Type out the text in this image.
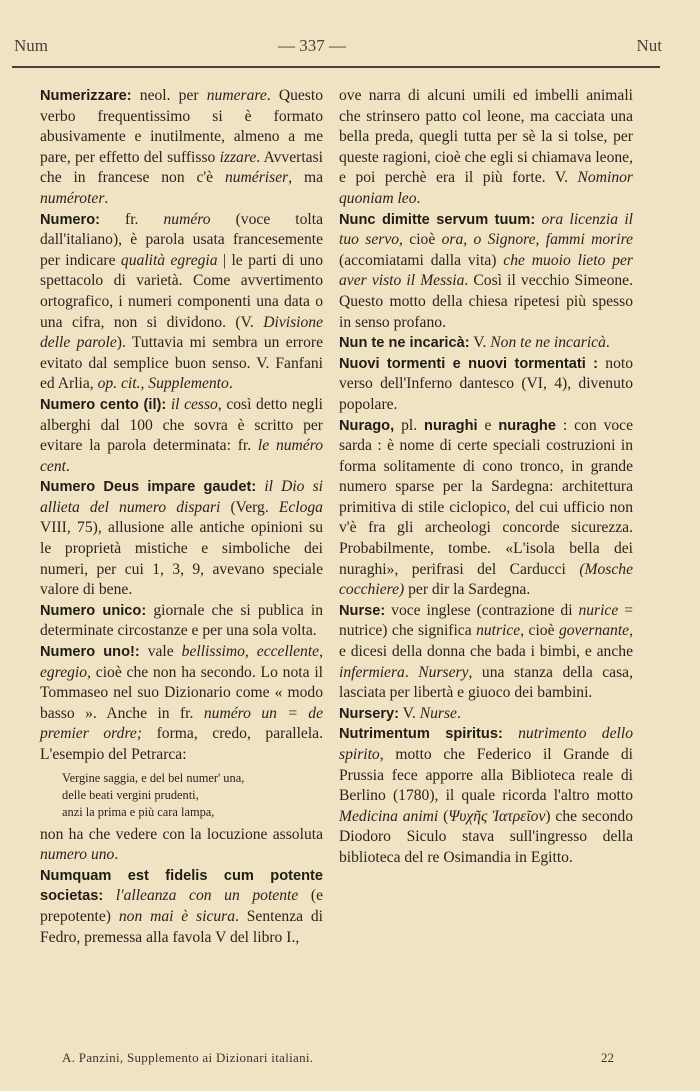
Num	— 337 —	Nut

Numerizzare: neol. per numerare. Questo verbo frequentissimo si è formato abusivamente e inutilmente, almeno a me pare, per effetto del suffisso izzare. Avvertasi che in francese non c'è numériser, ma numéroter.

Numero: fr. numéro (voce tolta dall'italiano), è parola usata francesemente per indicare qualità egregia | le parti di uno spettacolo di varietà. Come avvertimento ortografico, i numeri componenti una data o una cifra, non si dividono. (V. Divisione delle parole). Tuttavia mi sembra un errore evitato dal semplice buon senso. V. Fanfani ed Arlia, op. cit., Supplemento.

Numero cento (il): il cesso, così detto negli alberghi dal 100 che sovra è scritto per evitare la parola determinata: fr. le numéro cent.

Numero Deus impare gaudet: il Dio si allieta del numero dispari (Verg. Ecloga VIII, 75), allusione alle antiche opinioni su le proprietà mistiche e simboliche dei numeri, per cui 1, 3, 9, avevano speciale valore di bene.

Numero unico: giornale che si publica in determinate circostanze e per una sola volta.

Numero uno!: vale bellissimo, eccellente, egregio, cioè che non ha secondo. Lo nota il Tommaseo nel suo Dizionario come « modo basso ». Anche in fr. numéro un = de premier ordre; forma, credo, parallela. L'esempio del Petrarca:

Vergine saggia, e del bel numer' una,
delle beati vergini prudenti,
anzi la prima e più cara lampa,

non ha che vedere con la locuzione assoluta numero uno.

Numquam est fidelis cum potente societas: l'alleanza con un potente (e prepotente) non mai è sicura. Sentenza di Fedro, premessa alla favola V del libro I.,

ove narra di alcuni umili ed imbelli animali che strinsero patto col leone, ma cacciata una bella preda, quegli tutta per sè la si tolse, per queste ragioni, cioè che egli si chiamava leone, e poi perchè era il più forte. V. Nominor quoniam leo.

Nunc dimitte servum tuum: ora licenzia il tuo servo, cioè ora, o Signore, fammi morire (accomiatami dalla vita) che muoio lieto per aver visto il Messia. Così il vecchio Simeone. Questo motto della chiesa ripetesi più spesso in senso profano.

Nun te ne incaricà: V. Non te ne incaricà.

Nuovi tormenti e nuovi tormentati : noto verso dell'Inferno dantesco (VI, 4), divenuto popolare.

Nurago, pl. nuraghi e nuraghe : con voce sarda : è nome di certe speciali costruzioni in forma solitamente di cono tronco, in grande numero sparse per la Sardegna: architettura primitiva di stile ciclopico, del cui ufficio non v'è fra gli archeologi concorde sicurezza. Probabilmente, tombe. «L'isola bella dei nuraghi», perifrasi del Carducci (Mosche cocchiere) per dir la Sardegna.

Nurse: voce inglese (contrazione di nurice = nutrice) che significa nutrice, cioè governante, e dicesi della donna che bada i bimbi, e anche infermiera. Nursery, una stanza della casa, lasciata per libertà e giuoco dei bambini.

Nursery: V. Nurse.

Nutrimentum spiritus: nutrimento dello spirito, motto che Federico il Grande di Prussia fece apporre alla Biblioteca reale di Berlino (1780), il quale ricorda l'altro motto Medicina animi (Ψυχῆς Ἰατρεῖον) che secondo Diodoro Siculo stava sull'ingresso della biblioteca del re Osimandia in Egitto.

A. Panzini, Supplemento ai Dizionari italiani.	22
